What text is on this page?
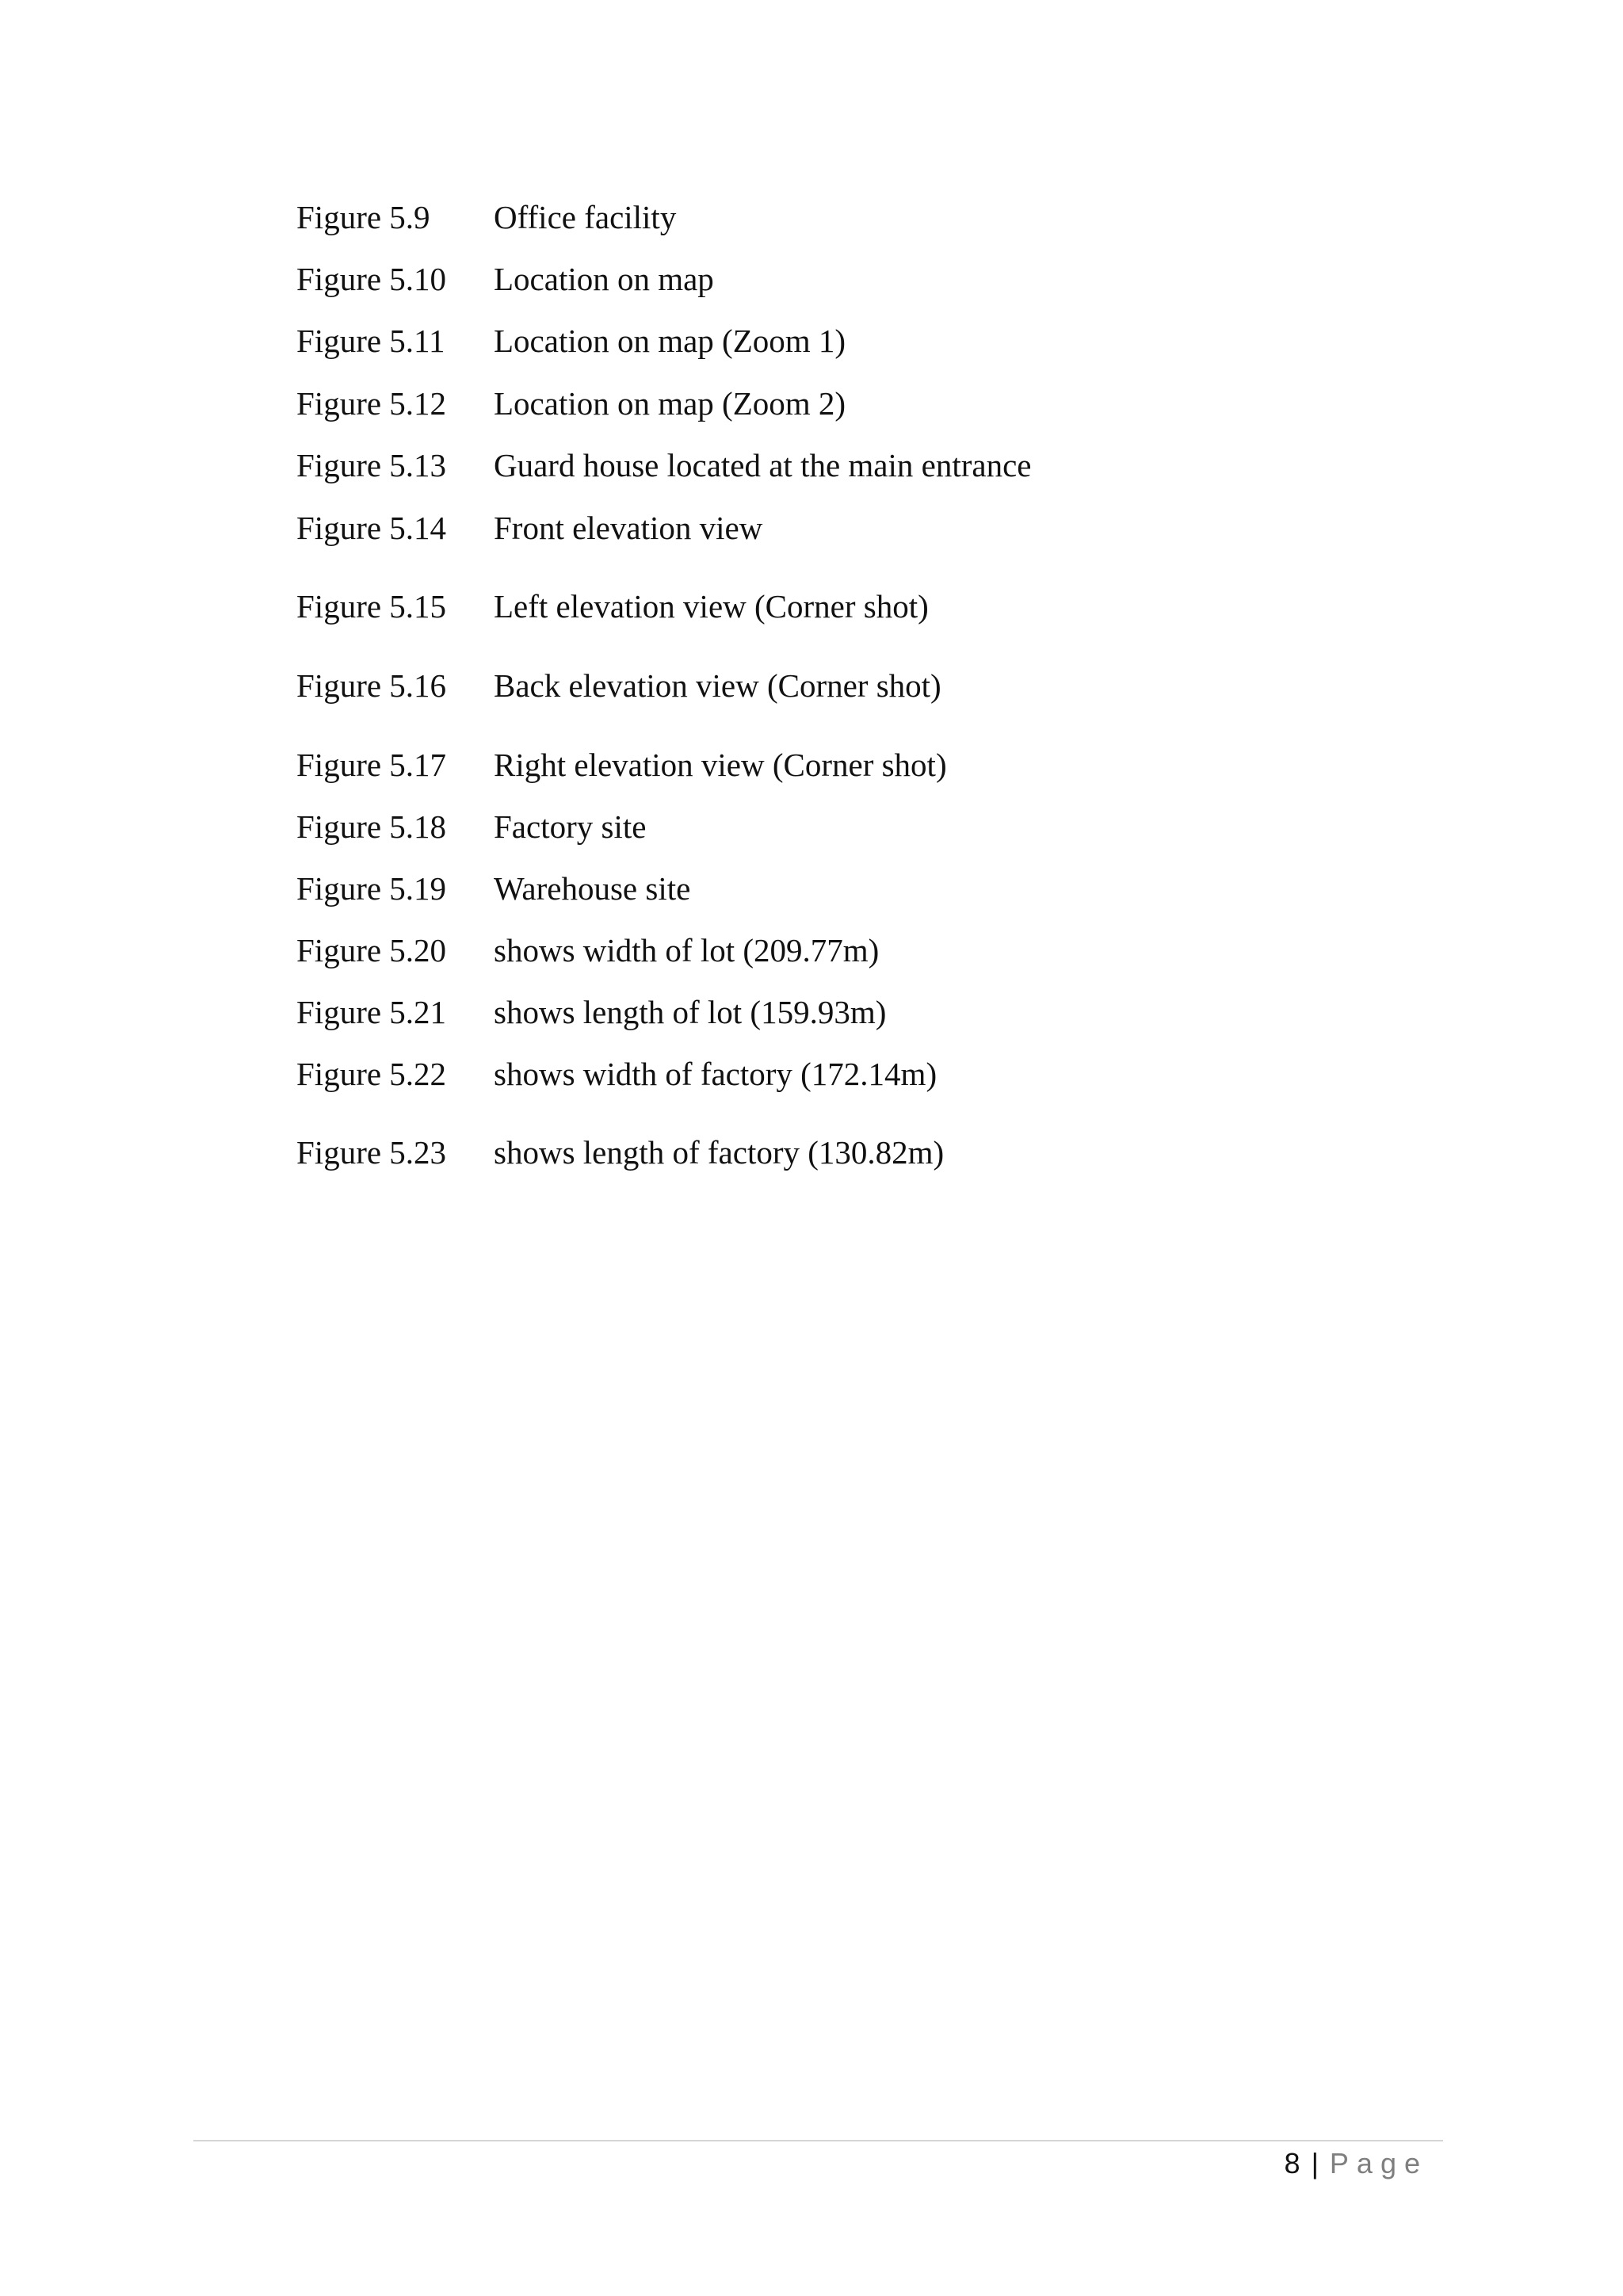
Figure 5.9 Office facility
Figure 5.10 Location on map
Figure 5.11 Location on map (Zoom 1)
Figure 5.12 Location on map (Zoom 2)
Figure 5.13 Guard house located at the main entrance
Figure 5.14 Front elevation view
Figure 5.15 Left elevation view (Corner shot)
Figure 5.16 Back elevation view (Corner shot)
Figure 5.17 Right elevation view (Corner shot)
Figure 5.18 Factory site
Figure 5.19 Warehouse site
Figure 5.20 shows width of lot (209.77m)
Figure 5.21 shows length of lot (159.93m)
Figure 5.22 shows width of factory (172.14m)
Figure 5.23 shows length of factory (130.82m)
8 | Page
